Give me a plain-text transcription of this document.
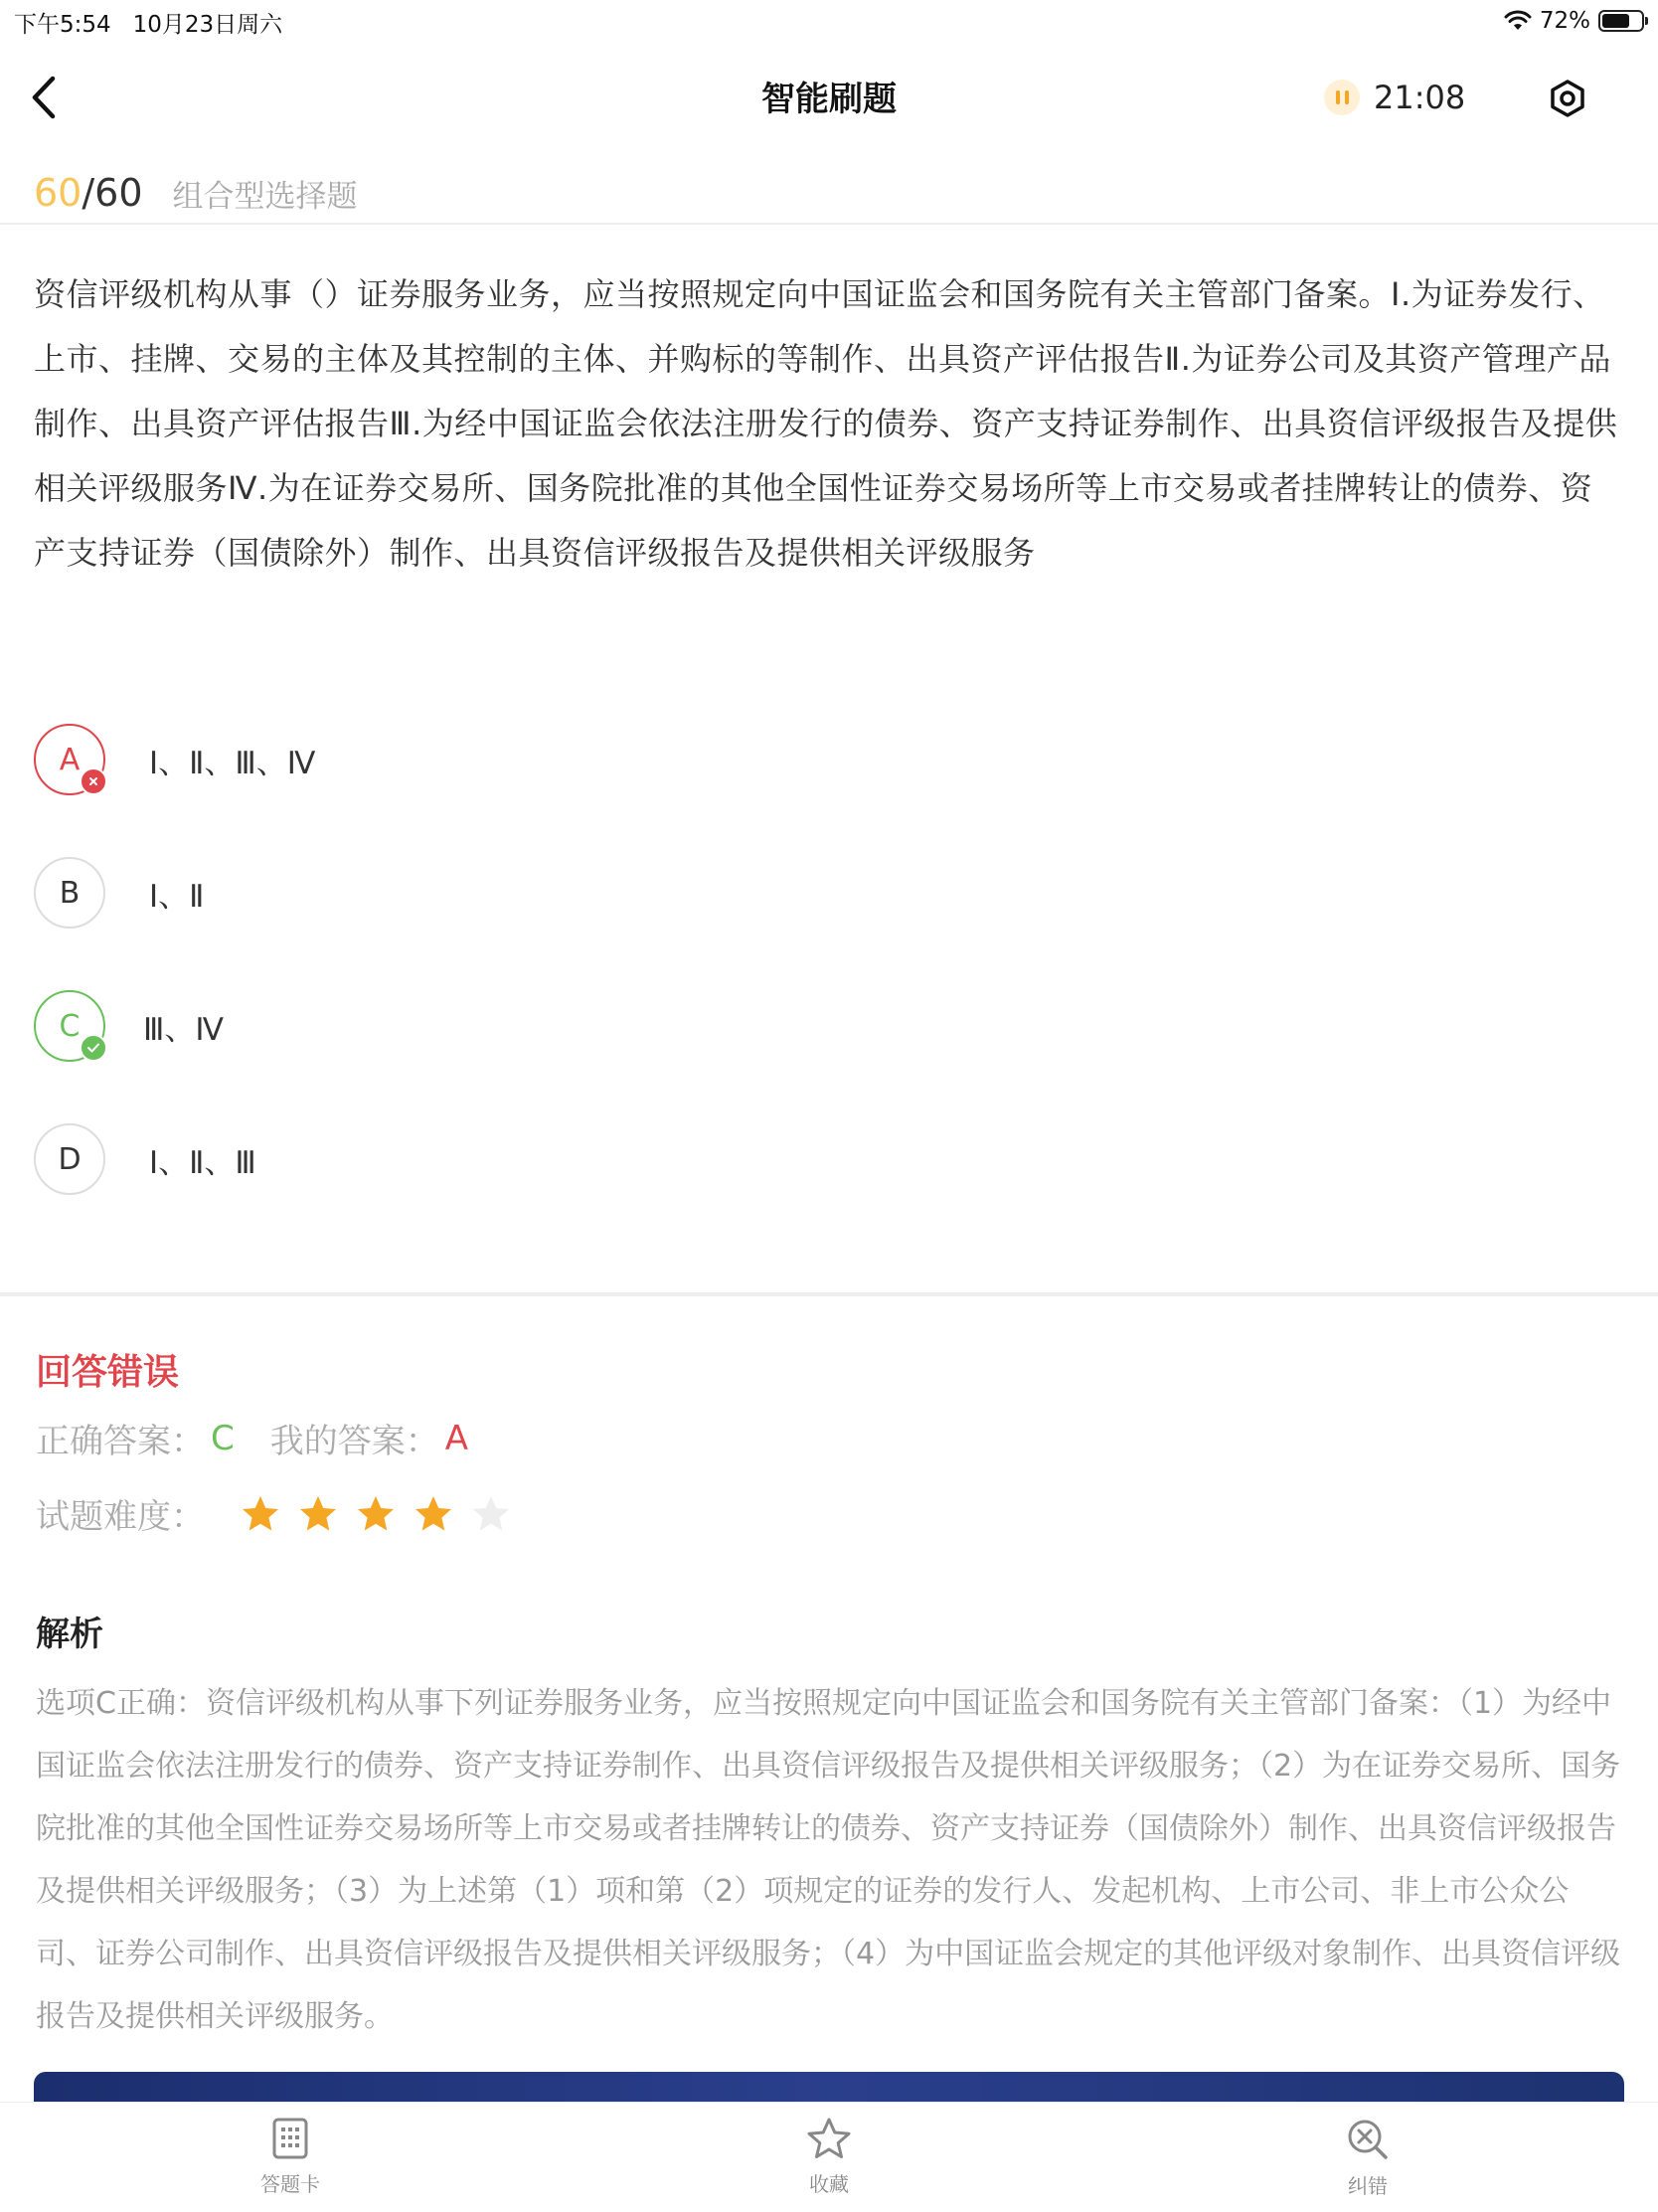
下午5:54 10月23日周六	72%
智能刷题	21:08
60 / 60 组合型选择题
资信评级机构从事（）证券服务业务，应当按照规定向中国证监会和国务院有关主管部门备案。Ⅰ.为证券发行、上市、挂牌、交易的主体及其控制的主体、并购标的等制作、出具资产评估报告Ⅱ.为证券公司及其资产管理产品制作、出具资产评估报告Ⅲ.为经中国证监会依法注册发行的债券、资产支持证券制作、出具资信评级报告及提供相关评级服务Ⅳ.为在证券交易所、国务院批准的其他全国性证券交易场所等上市交易或者挂牌转让的债券、资产支持证券（国债除外）制作、出具资信评级报告及提供相关评级服务
A Ⅰ、Ⅱ、Ⅲ、Ⅳ
B Ⅰ、Ⅱ
C Ⅲ、Ⅳ
D Ⅰ、Ⅱ、Ⅲ
回答错误
正确答案： C 我的答案： A
试题难度：
解析
选项C正确：资信评级机构从事下列证券服务业务，应当按照规定向中国证监会和国务院有关主管部门备案：（1）为经中国证监会依法注册发行的债券、资产支持证券制作、出具资信评级报告及提供相关评级服务；（2）为在证券交易所、国务院批准的其他全国性证券交易场所等上市交易或者挂牌转让的债券、资产支持证券（国债除外）制作、出具资信评级报告及提供相关评级服务；（3）为上述第（1）项和第（2）项规定的证券的发行人、发起机构、上市公司、非上市公众公司、证券公司制作、出具资信评级报告及提供相关评级服务；（4）为中国证监会规定的其他评级对象制作、出具资信评级报告及提供相关评级服务。
答题卡	收藏	纠错
